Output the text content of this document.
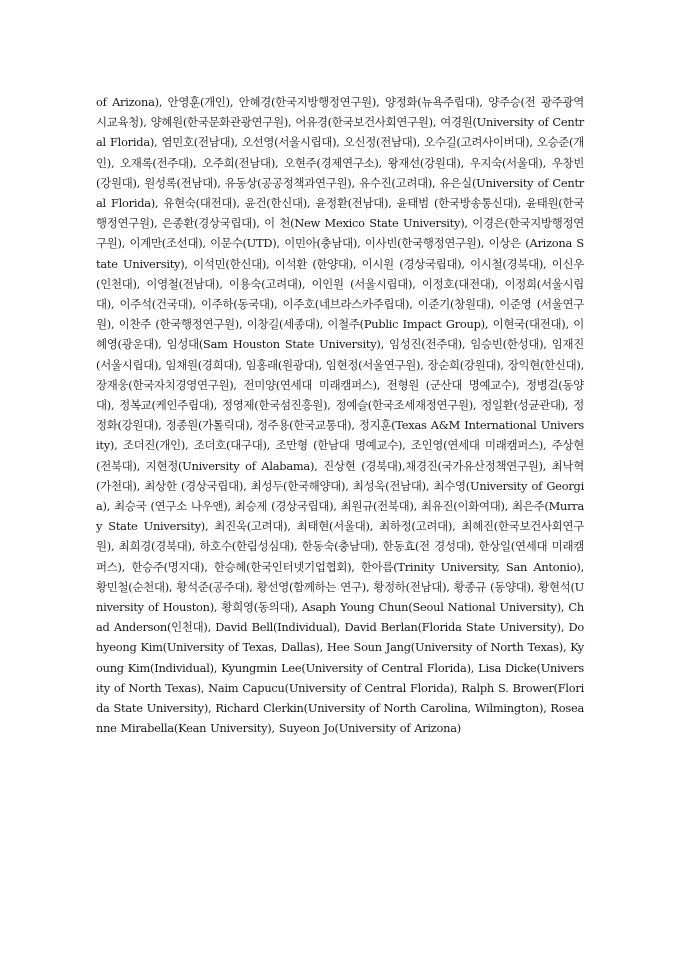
of Arizona), 안영훈(개인), 안혜경(한국지방행정연구원), 양정화(뉴욕주립대), 양주승(전 광주광역시교육청), 양혜원(한국문화관광연구원), 어유경(한국보건사회연구원), 여경원(University of Central Florida), 염민호(전남대), 오선영(서울시립대), 오신정(전남대), 오수길(고려사이버대), 오승준(개인), 오재록(전주대), 오주희(전남대), 오현주(경제연구소), 왕재선(강원대), 우지숙(서울대), 우창빈(강원대), 원성록(전남대), 유동상(공공정책과연구원), 유수진(고려대), 유은실(University of Central Florida), 유현숙(대전대), 윤건(한신대), 윤정환(전남대), 윤태범 (한국방송통신대), 윤태원(한국행정연구원), 은종환(경상국립대), 이 천(New Mexico State University), 이경은(한국지방행정연구원), 이계만(조선대), 이문수(UTD), 이민아(충남대), 이사빈(한국행정연구원), 이상은 (Arizona State University), 이석민(한신대), 이석환 (한양대), 이시원 (경상국립대), 이시철(경북대), 이신우(인천대), 이영철(전남대), 이용숙(고려대), 이인원 (서울시립대), 이정호(대전대), 이정희(서울시립대), 이주석(건국대), 이주하(동국대), 이주호(네브라스카주립대), 이준기(창원대), 이준영 (서울연구원), 이찬주 (한국행정연구원), 이창길(세종대), 이철주(Public Impact Group), 이현국(대전대), 이혜영(광운대), 임성대(Sam Houston State University), 임성진(전주대), 임승빈(한성대), 임재진(서울시립대), 임채원(경희대), 임홍래(원광대), 임현정(서울연구원), 장순희(강원대), 장익현(한신대), 장재웅(한국자치경영연구원), 전미양(연세대 미래캠퍼스), 전형원 (군산대 명예교수), 정병걸(동양대), 정복교(케인주립대), 정영제(한국섬진흥원), 정예슬(한국조세재정연구원), 정일환(성균관대), 정정화(강원대), 정종원(가톨릭대), 정주용(한국교통대), 정지훈(Texas A&M International University), 조더진(개인), 조더호(대구대), 조만형 (한남대 명예교수), 조인영(연세대 미래캠퍼스), 주상현(전북대), 지현정(University of Alabama), 진상현 (경북대),채경진(국가유산정책연구원), 최낙혁(가천대), 최상한 (경상국립대), 최성두(한국해양대), 최성욱(전남대), 최수영(University of Georgia), 최승국 (연구소 나우앤), 최승제 (경상국립대), 최원규(전북대), 최유진(이화여대), 최은주(Murray State University), 최진욱(고려대), 최태현(서울대), 최하정(고려대), 최혜진(한국보건사회연구원), 최희경(경북대), 하호수(한림성심대), 한동숙(충남대), 한동효(전 경성대), 한상일(연세대 미래캠퍼스), 한승주(명지대), 한승혜(한국인터넷기업협회), 한아름(Trinity University, San Antonio), 황민철(순천대), 황석준(공주대), 황선영(함께하는 연구), 황정하(전남대), 황종규 (동양대), 황현석(University of Houston), 황희영(동의대), Asaph Young Chun(Seoul National University), Chad Anderson(인천대), David Bell(Individual), David Berlan(Florida State University), Dohyeong Kim(University of Texas, Dallas), Hee Soun Jang(University of North Texas), Kyoung Kim(Individual), Kyungmin Lee(University of Central Florida), Lisa Dicke(University of North Texas), Naim Capucu(University of Central Florida), Ralph S. Brower(Florida State University), Richard Clerkin(University of North Carolina, Wilmington), Roseanne Mirabella(Kean University), Suyeon Jo(University of Arizona)
